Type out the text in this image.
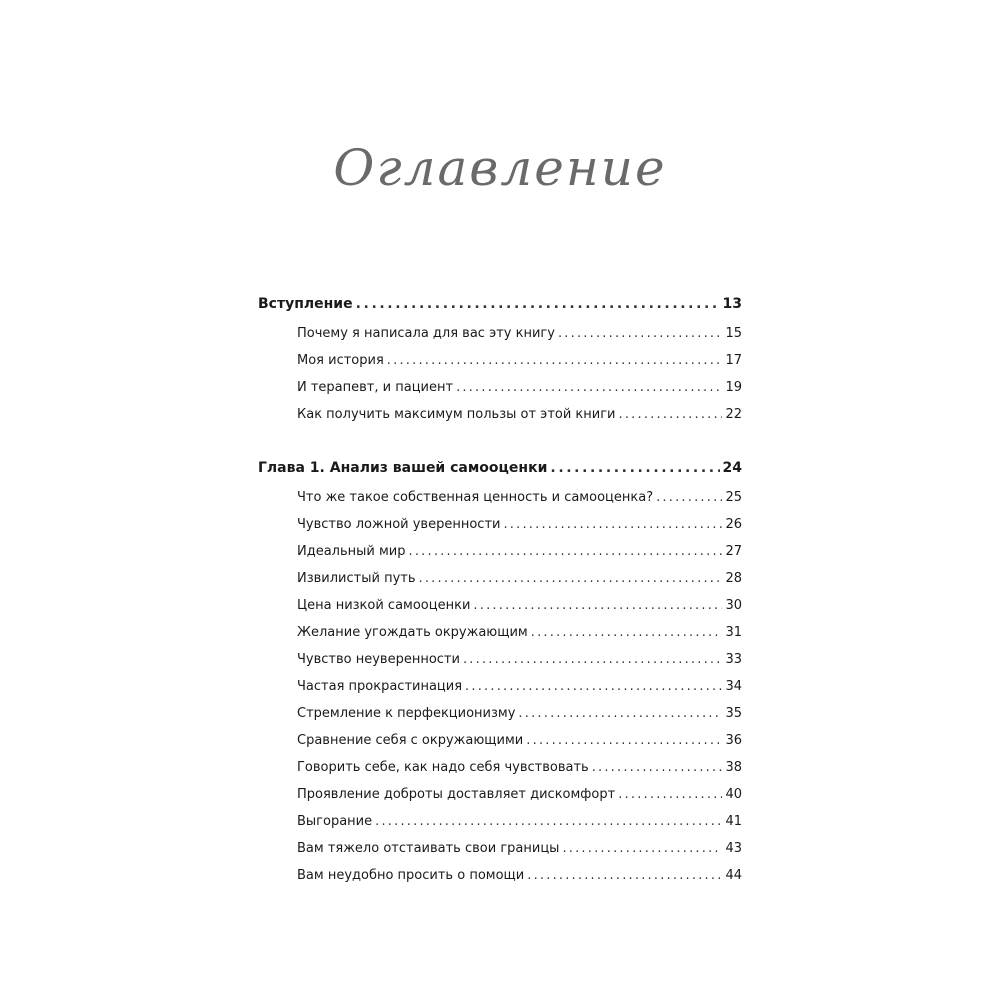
Оглавление
Вступление .....	13
Почему я написала для вас эту книгу .....	15
Моя история .....	17
И терапевт, и пациент .....	19
Как получить максимум пользы от этой книги .....	22
Глава 1. Анализ вашей самооценки .....	24
Что же такое собственная ценность и самооценка? .....	25
Чувство ложной уверенности .....	26
Идеальный мир .....	27
Извилистый путь .....	28
Цена низкой самооценки .....	30
Желание угождать окружающим .....	31
Чувство неуверенности .....	33
Частая прокрастинация .....	34
Стремление к перфекционизму .....	35
Сравнение себя с окружающими .....	36
Говорить себе, как надо себя чувствовать .....	38
Проявление доброты доставляет дискомфорт .....	40
Выгорание .....	41
Вам тяжело отстаивать свои границы .....	43
Вам неудобно просить о помощи .....	44
